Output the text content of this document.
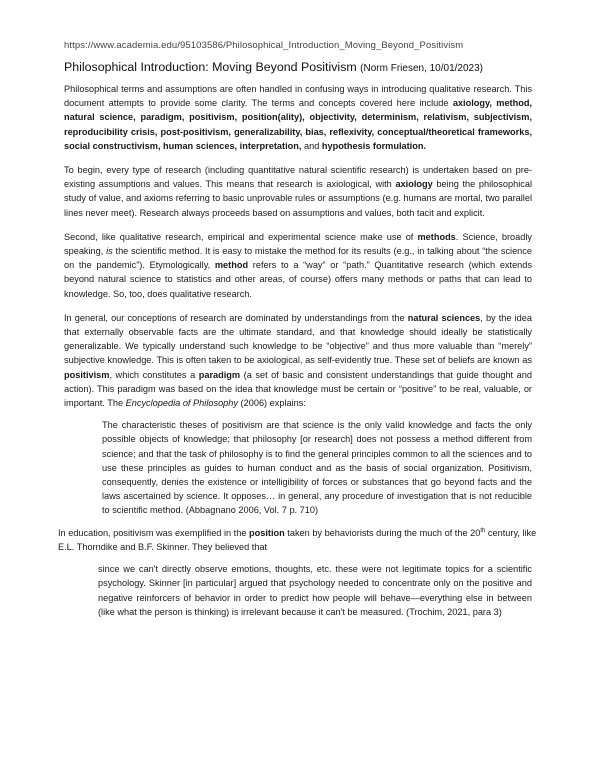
https://www.academia.edu/95103586/Philosophical_Introduction_Moving_Beyond_Positivism
Philosophical Introduction: Moving Beyond Positivism (Norm Friesen, 10/01/2023)

Philosophical terms and assumptions are often handled in confusing ways in introducing qualitative research. This document attempts to provide some clarity. The terms and concepts covered here include axiology, method, natural science, paradigm, positivism, position(ality), objectivity, determinism, relativism, subjectivism, reproducibility crisis, post-positivism, generalizability, bias, reflexivity, conceptual/theoretical frameworks, social constructivism, human sciences, interpretation, and hypothesis formulation.

To begin, every type of research (including quantitative natural scientific research) is undertaken based on pre-existing assumptions and values. This means that research is axiological, with axiology being the philosophical study of value, and axioms referring to basic unprovable rules or assumptions (e.g. humans are mortal, two parallel lines never meet). Research always proceeds based on assumptions and values, both tacit and explicit.

Second, like qualitative research, empirical and experimental science make use of methods. Science, broadly speaking, is the scientific method. It is easy to mistake the method for its results (e.g., in talking about “the science on the pandemic”). Etymologically, method refers to a “way” or “path.” Quantitative research (which extends beyond natural science to statistics and other areas, of course) offers many methods or paths that can lead to knowledge. So, too, does qualitative research.

In general, our conceptions of research are dominated by understandings from the natural sciences, by the idea that externally observable facts are the ultimate standard, and that knowledge should ideally be statistically generalizable. We typically understand such knowledge to be “objective” and thus more valuable than “merely” subjective knowledge. This is often taken to be axiological, as self-evidently true. These set of beliefs are known as positivism, which constitutes a paradigm (a set of basic and consistent understandings that guide thought and action). This paradigm was based on the idea that knowledge must be certain or “positive” to be real, valuable, or important. The Encyclopedia of Philosophy (2006) explains:

The characteristic theses of positivism are that science is the only valid knowledge and facts the only possible objects of knowledge; that philosophy [or research] does not possess a method different from science; and that the task of philosophy is to find the general principles common to all the sciences and to use these principles as guides to human conduct and as the basis of social organization. Positivism, consequently, denies the existence or intelligibility of forces or substances that go beyond facts and the laws ascertained by science. It opposes… in general, any procedure of investigation that is not reducible to scientific method. (Abbagnano 2006, Vol. 7 p. 710)
In education, positivism was exemplified in the position taken by behaviorists during the much of the 20th century, like E.L. Thorndike and B.F. Skinner. They believed that
since we can't directly observe emotions, thoughts, etc. these were not legitimate topics for a scientific psychology. Skinner [in particular] argued that psychology needed to concentrate only on the positive and negative reinforcers of behavior in order to predict how people will behave—everything else in between (like what the person is thinking) is irrelevant because it can't be measured. (Trochim, 2021, para 3)
